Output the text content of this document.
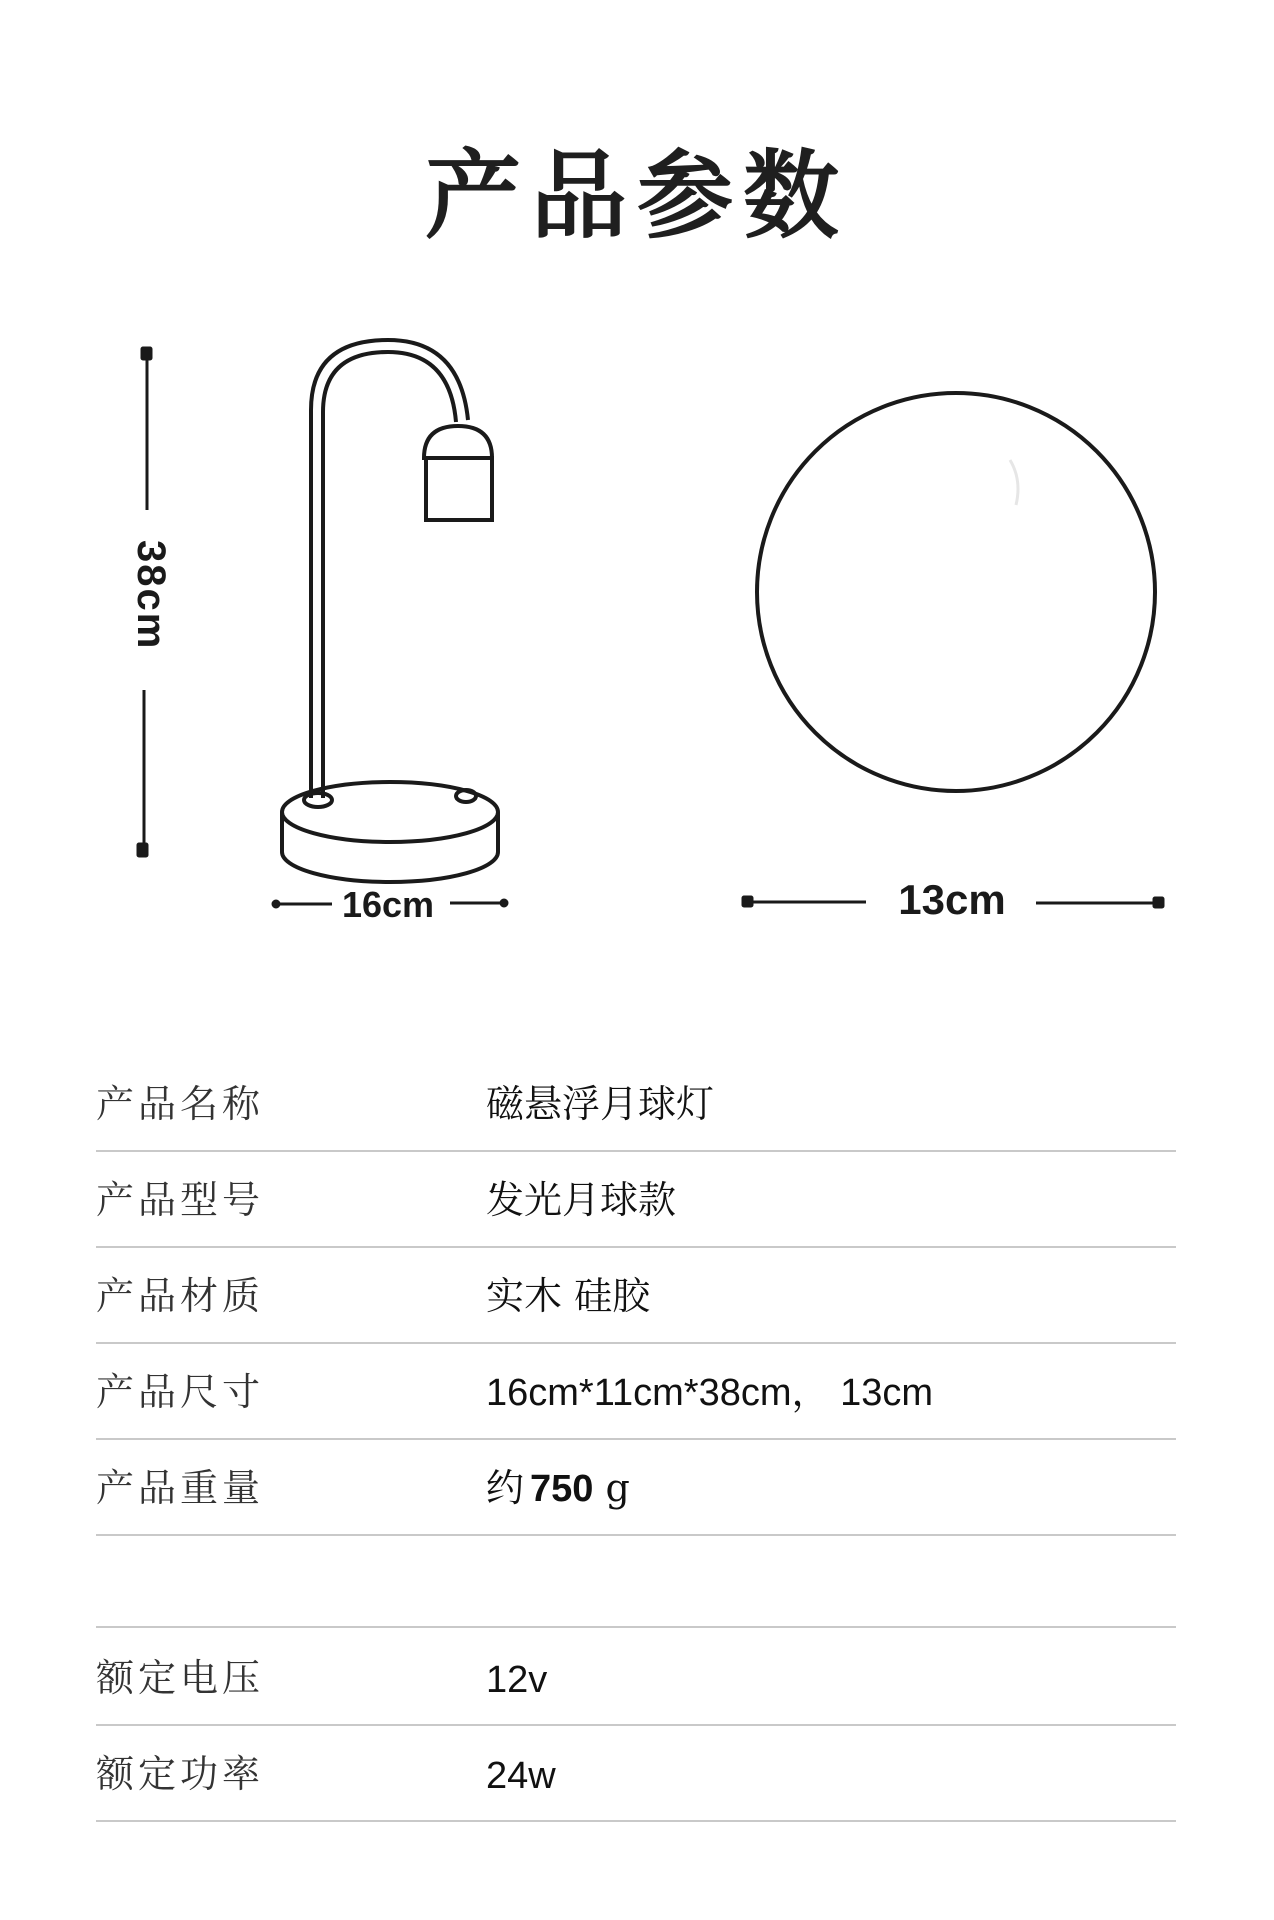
产品参数
38cm
16cm	13cm
产品名称	磁悬浮月球灯
产品型号	发光月球款
产品材质	实木 硅胶
产品尺寸	16cm*11cm*38cm， 13cm
产品重量	约 750 g
额定电压	12v
额定功率	24w
